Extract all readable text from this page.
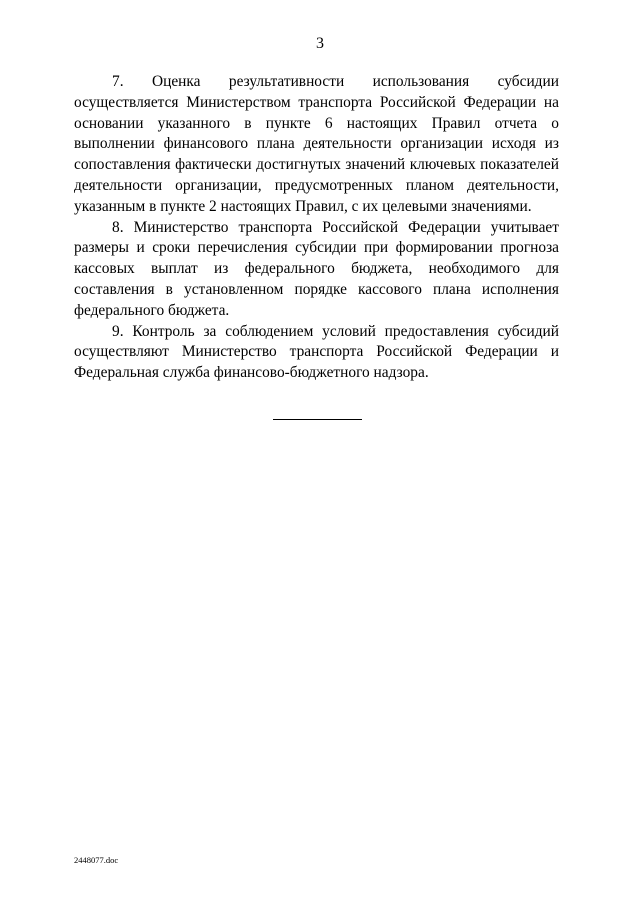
3

7. Оценка результативности использования субсидии осуществляется Министерством транспорта Российской Федерации на основании указанного в пункте 6 настоящих Правил отчета о выполнении финансового плана деятельности организации исходя из сопоставления фактически достигнутых значений ключевых показателей деятельности организации, предусмотренных планом деятельности, указанным в пункте 2 настоящих Правил, с их целевыми значениями.

8. Министерство транспорта Российской Федерации учитывает размеры и сроки перечисления субсидии при формировании прогноза кассовых выплат из федерального бюджета, необходимого для составления в установленном порядке кассового плана исполнения федерального бюджета.

9. Контроль за соблюдением условий предоставления субсидий осуществляют Министерство транспорта Российской Федерации и Федеральная служба финансово-бюджетного надзора.

2448077.doc
